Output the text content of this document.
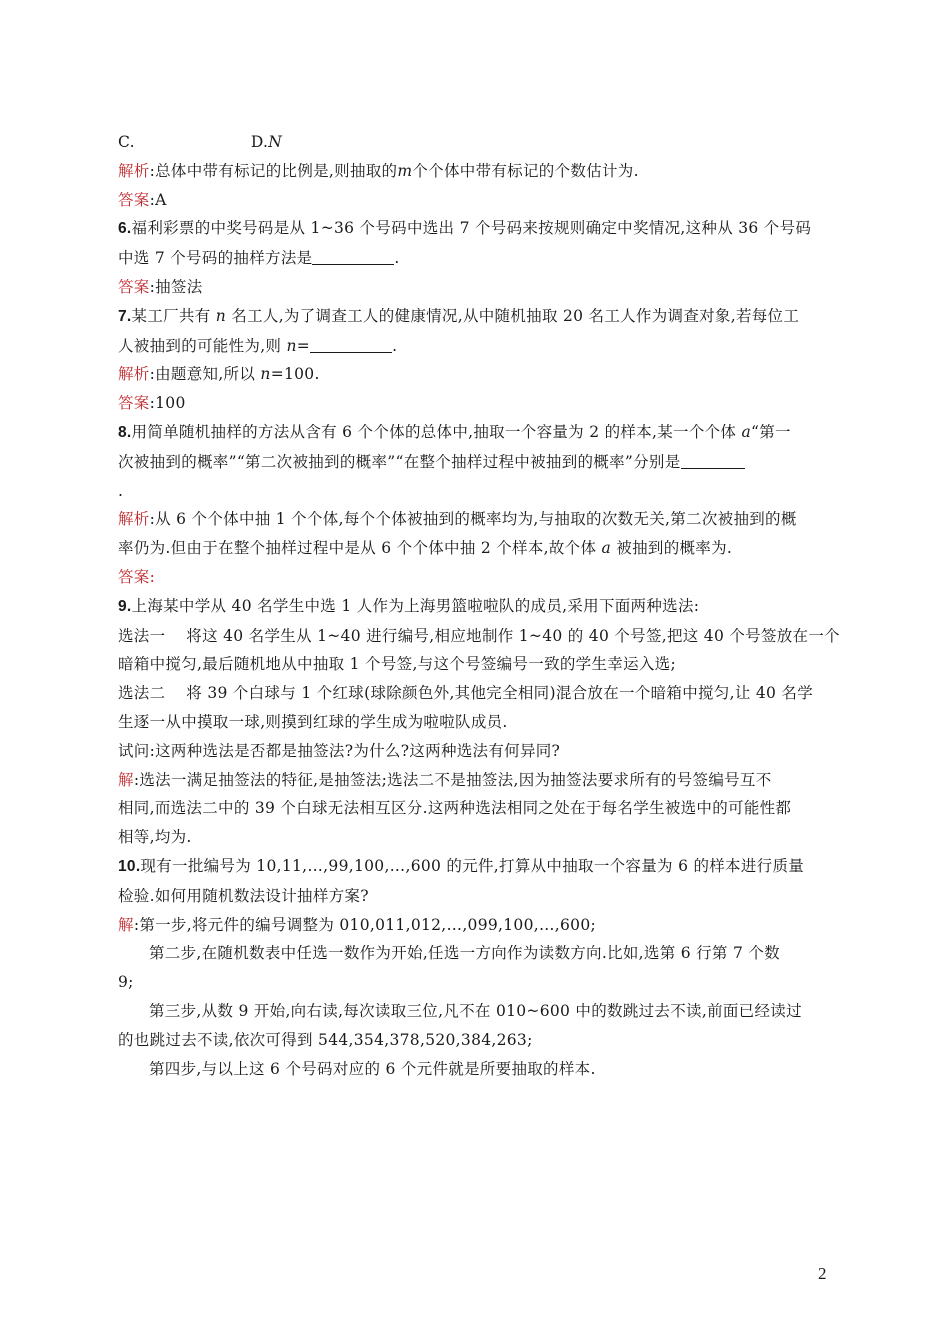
C.	D.N
解析:总体中带有标记的比例是,则抽取的m个个体中带有标记的个数估计为.
答案:A
6.福利彩票的中奖号码是从 1~36 个号码中选出 7 个号码来按规则确定中奖情况,这种从 36 个号码
中选 7 个号码的抽样方法是	.
答案:抽签法
7.某工厂共有 n 名工人,为了调查工人的健康情况,从中随机抽取 20 名工人作为调查对象,若每位工
人被抽到的可能性为,则 n=	.
解析:由题意知,所以 n=100.
答案:100
8.用简单随机抽样的方法从含有 6 个个体的总体中,抽取一个容量为 2 的样本,某一个个体 a“第一
次被抽到的概率”“第二次被抽到的概率”“在整个抽样过程中被抽到的概率”分别是
.
解析:从 6 个个体中抽 1 个个体,每个个体被抽到的概率均为,与抽取的次数无关,第二次被抽到的概
率仍为.但由于在整个抽样过程中是从 6 个个体中抽 2 个样本,故个体 a 被抽到的概率为.
答案:
9.上海某中学从 40 名学生中选 1 人作为上海男篮啦啦队的成员,采用下面两种选法:
选法一    将这 40 名学生从 1~40 进行编号,相应地制作 1~40 的 40 个号签,把这 40 个号签放在一个
暗箱中搅匀,最后随机地从中抽取 1 个号签,与这个号签编号一致的学生幸运入选;
选法二    将 39 个白球与 1 个红球(球除颜色外,其他完全相同)混合放在一个暗箱中搅匀,让 40 名学
生逐一从中摸取一球,则摸到红球的学生成为啦啦队成员.
试问:这两种选法是否都是抽签法?为什么?这两种选法有何异同?
解:选法一满足抽签法的特征,是抽签法;选法二不是抽签法,因为抽签法要求所有的号签编号互不
相同,而选法二中的 39 个白球无法相互区分.这两种选法相同之处在于每名学生被选中的可能性都
相等,均为.
10.现有一批编号为 10,11,…,99,100,…,600 的元件,打算从中抽取一个容量为 6 的样本进行质量
检验.如何用随机数法设计抽样方案?
解:第一步,将元件的编号调整为 010,011,012,…,099,100,…,600;
第二步,在随机数表中任选一数作为开始,任选一方向作为读数方向.比如,选第 6 行第 7 个数
9;
第三步,从数 9 开始,向右读,每次读取三位,凡不在 010~600 中的数跳过去不读,前面已经读过
的也跳过去不读,依次可得到 544,354,378,520,384,263;
第四步,与以上这 6 个号码对应的 6 个元件就是所要抽取的样本.
2
